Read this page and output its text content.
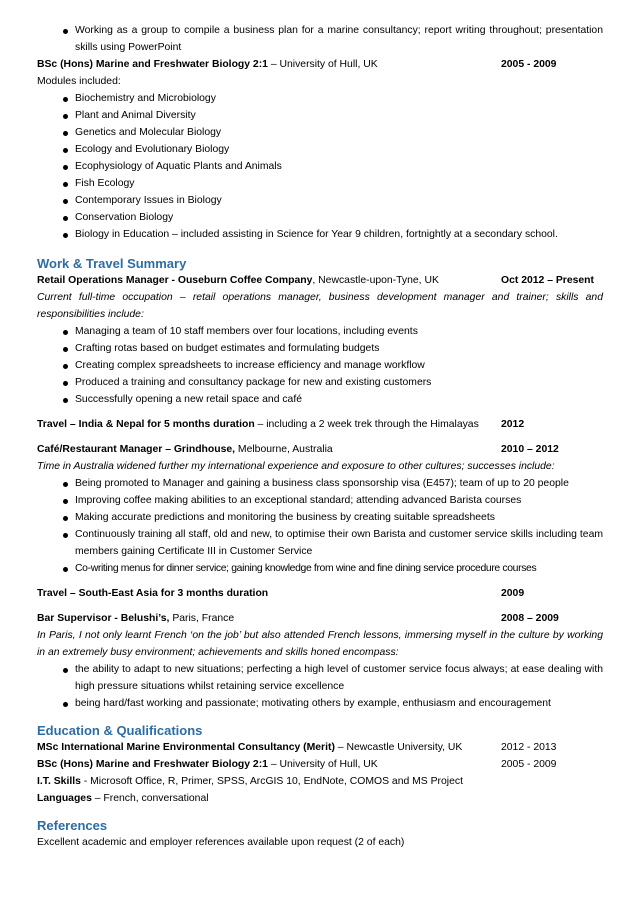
Working as a group to compile a business plan for a marine consultancy; report writing throughout; presentation skills using PowerPoint
BSc (Hons) Marine and Freshwater Biology 2:1 – University of Hull, UK	2005 - 2009
Modules included:
Biochemistry and Microbiology
Plant and Animal Diversity
Genetics and Molecular Biology
Ecology and Evolutionary Biology
Ecophysiology of Aquatic Plants and Animals
Fish Ecology
Contemporary Issues in Biology
Conservation Biology
Biology in Education – included assisting in Science for Year 9 children, fortnightly at a secondary school.
Work & Travel Summary
Retail Operations Manager - Ouseburn Coffee Company, Newcastle-upon-Tyne, UK	Oct 2012 – Present
Current full-time occupation – retail operations manager, business development manager and trainer; skills and responsibilities include:
Managing a team of 10 staff members over four locations, including events
Crafting rotas based on budget estimates and formulating budgets
Creating complex spreadsheets to increase efficiency and manage workflow
Produced a training and consultancy package for new and existing customers
Successfully opening a new retail space and café
Travel – India & Nepal for 5 months duration – including a 2 week trek through the Himalayas	2012
Café/Restaurant Manager – Grindhouse, Melbourne, Australia	2010 – 2012
Time in Australia widened further my international experience and exposure to other cultures; successes include:
Being promoted to Manager and gaining a business class sponsorship visa (E457); team of up to 20 people
Improving coffee making abilities to an exceptional standard; attending advanced Barista courses
Making accurate predictions and monitoring the business by creating suitable spreadsheets
Continuously training all staff, old and new, to optimise their own Barista and customer service skills including team members gaining Certificate III in Customer Service
Co-writing menus for dinner service; gaining knowledge from wine and fine dining service procedure courses
Travel – South-East Asia for 3 months duration	2009
Bar Supervisor - Belushi’s, Paris, France	2008 – 2009
In Paris, I not only learnt French ‘on the job’ but also attended French lessons, immersing myself in the culture by working in an extremely busy environment; achievements and skills honed encompass:
the ability to adapt to new situations; perfecting a high level of customer service focus always; at ease dealing with high pressure situations whilst retaining service excellence
being hard/fast working and passionate; motivating others by example, enthusiasm and encouragement
Education & Qualifications
MSc International Marine Environmental Consultancy (Merit) – Newcastle University, UK	2012 - 2013
BSc (Hons) Marine and Freshwater Biology 2:1 – University of Hull, UK	2005 - 2009
I.T. Skills - Microsoft Office, R, Primer, SPSS, ArcGIS 10, EndNote, COMOS and MS Project
Languages – French, conversational
References
Excellent academic and employer references available upon request (2 of each)
